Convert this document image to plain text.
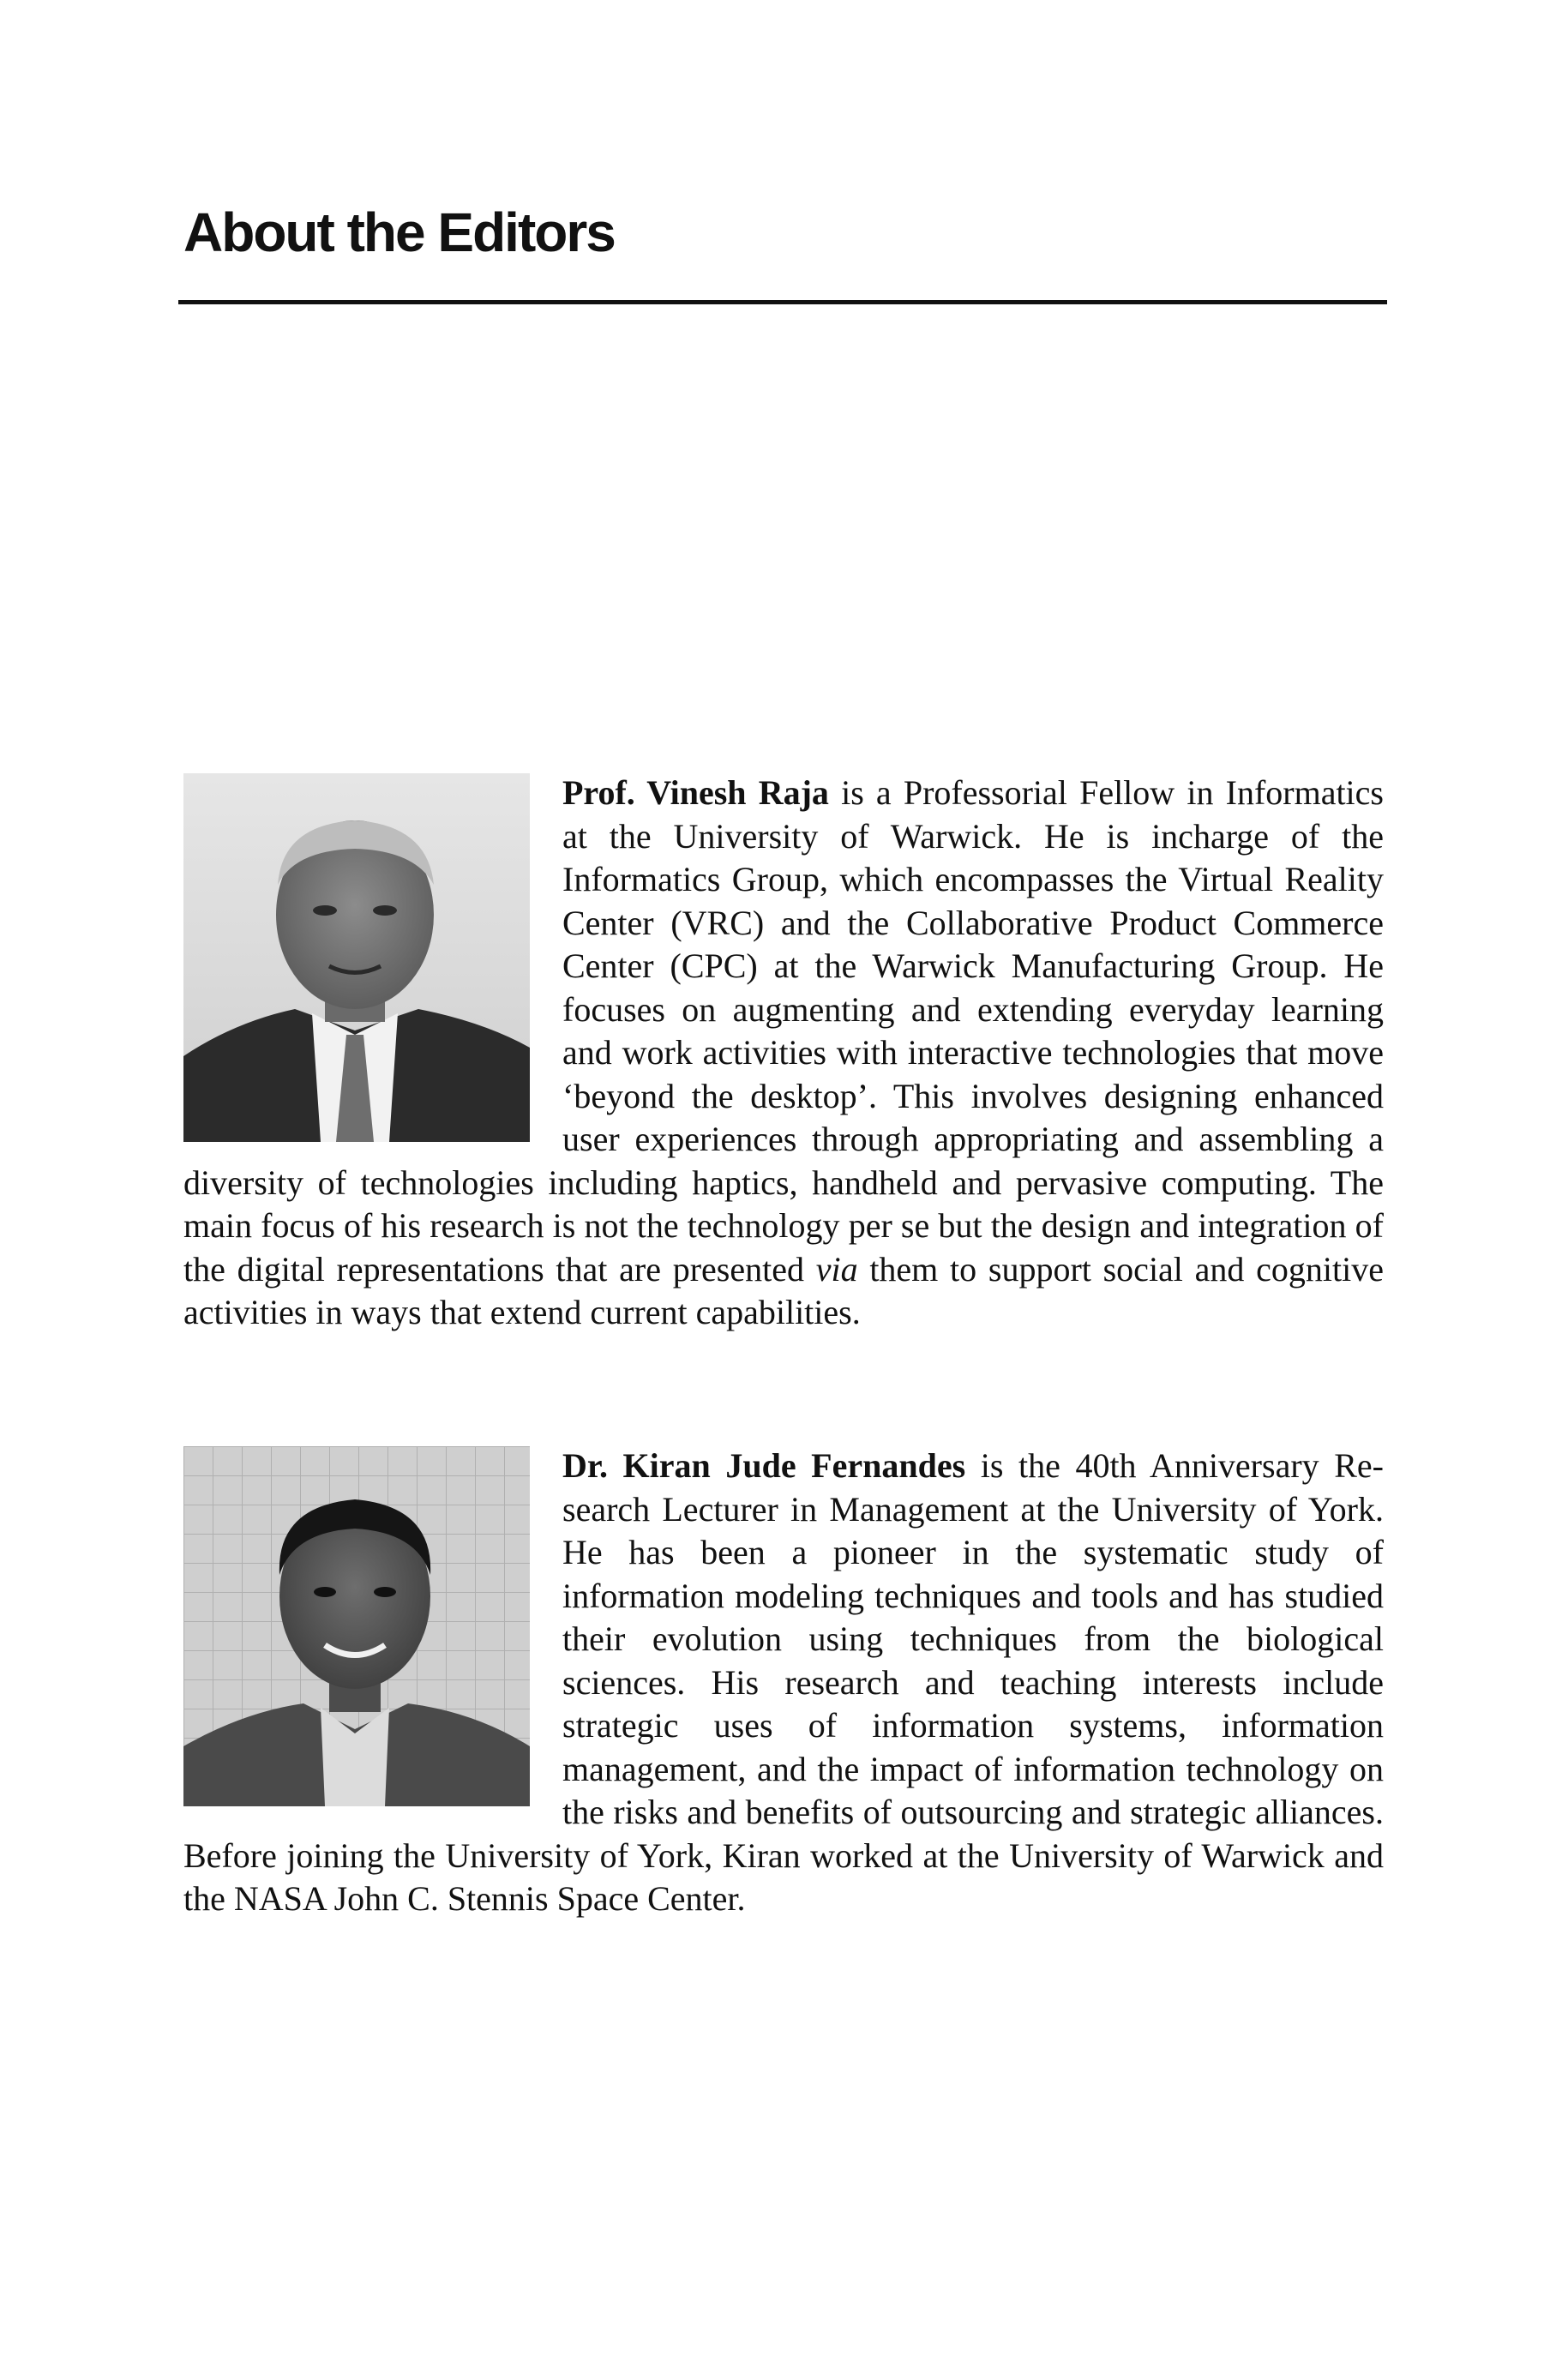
About the Editors
Prof. Vinesh Raja is a Professorial Fellow in Informatics at the University of Warwick. He is incharge of the Informatics Group, which encompasses the Virtual Reality Center (VRC) and the Collaborative Product Commerce Center (CPC) at the Warwick Manufacturing Group. He focuses on augmenting and extending everyday learning and work activities with interactive technologies that move ‘beyond the desktop’. This involves designing enhanced user experiences through appropriating and assembling a diversity of technologies including haptics, handheld and pervasive computing. The main focus of his research is not the technology per se but the design and integration of the digital representations that are presented via them to support social and cognitive activities in ways that extend current capabilities.
Dr. Kiran Jude Fernandes is the 40th Anniversary Research Lecturer in Management at the University of York. He has been a pioneer in the systematic study of information modeling techniques and tools and has studied their evolution using techniques from the biological sciences. His research and teaching interests include strategic uses of information systems, information management, and the impact of information technology on the risks and benefits of outsourcing and strategic alliances. Before joining the University of York, Kiran worked at the University of Warwick and the NASA John C. Stennis Space Center.
